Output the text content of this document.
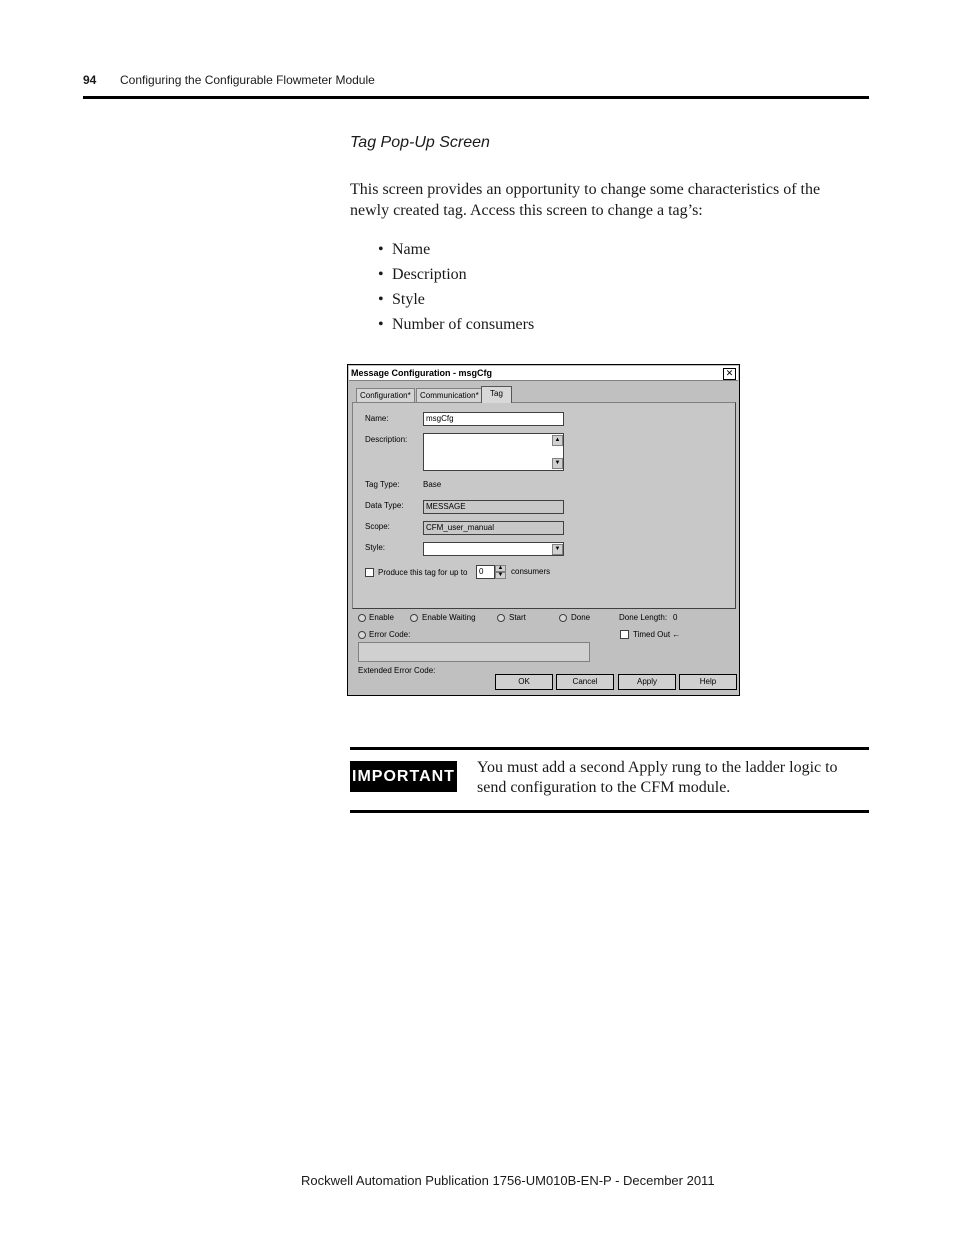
94 Configuring the Configurable Flowmeter Module
Tag Pop-Up Screen
This screen provides an opportunity to change some characteristics of the newly created tag. Access this screen to change a tag’s:
• Name
• Description
• Style
• Number of consumers
Message Configuration - msgCfg	✕
Configuration*	Communication*	Tag
Name:	msgCfg
Description:	▲
▼
Tag Type:	Base
Data Type:	MESSAGE
Scope:	CFM_user_manual
Style:	▼
Produce this tag for up to	0	▲
▼ consumers
Enable	Enable Waiting	Start	Done	Done Length: 0
Error Code:	Timed Out ←
Extended Error Code:
OK	Cancel	Apply	Help
IMPORTANT
You must add a second Apply rung to the ladder logic to send configuration to the CFM module.
Rockwell Automation Publication 1756-UM010B-EN-P - December 2011
